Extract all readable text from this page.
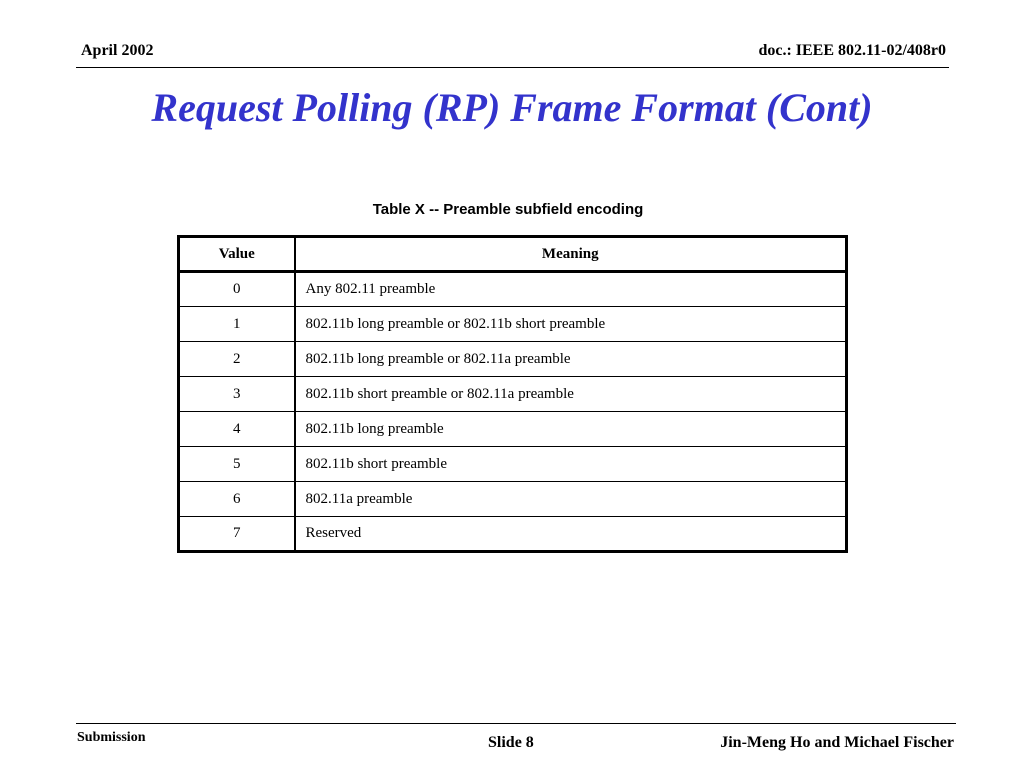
April 2002	doc.: IEEE 802.11-02/408r0
Request Polling (RP) Frame Format (Cont)
Table X -- Preamble subfield encoding
Value	Meaning
0	Any 802.11 preamble
1	802.11b long preamble or 802.11b short preamble
2	802.11b long preamble or 802.11a preamble
3	802.11b short preamble or 802.11a preamble
4	802.11b long preamble
5	802.11b short preamble
6	802.11a preamble
7	Reserved
Submission	Slide 8	Jin-Meng Ho and Michael Fischer
